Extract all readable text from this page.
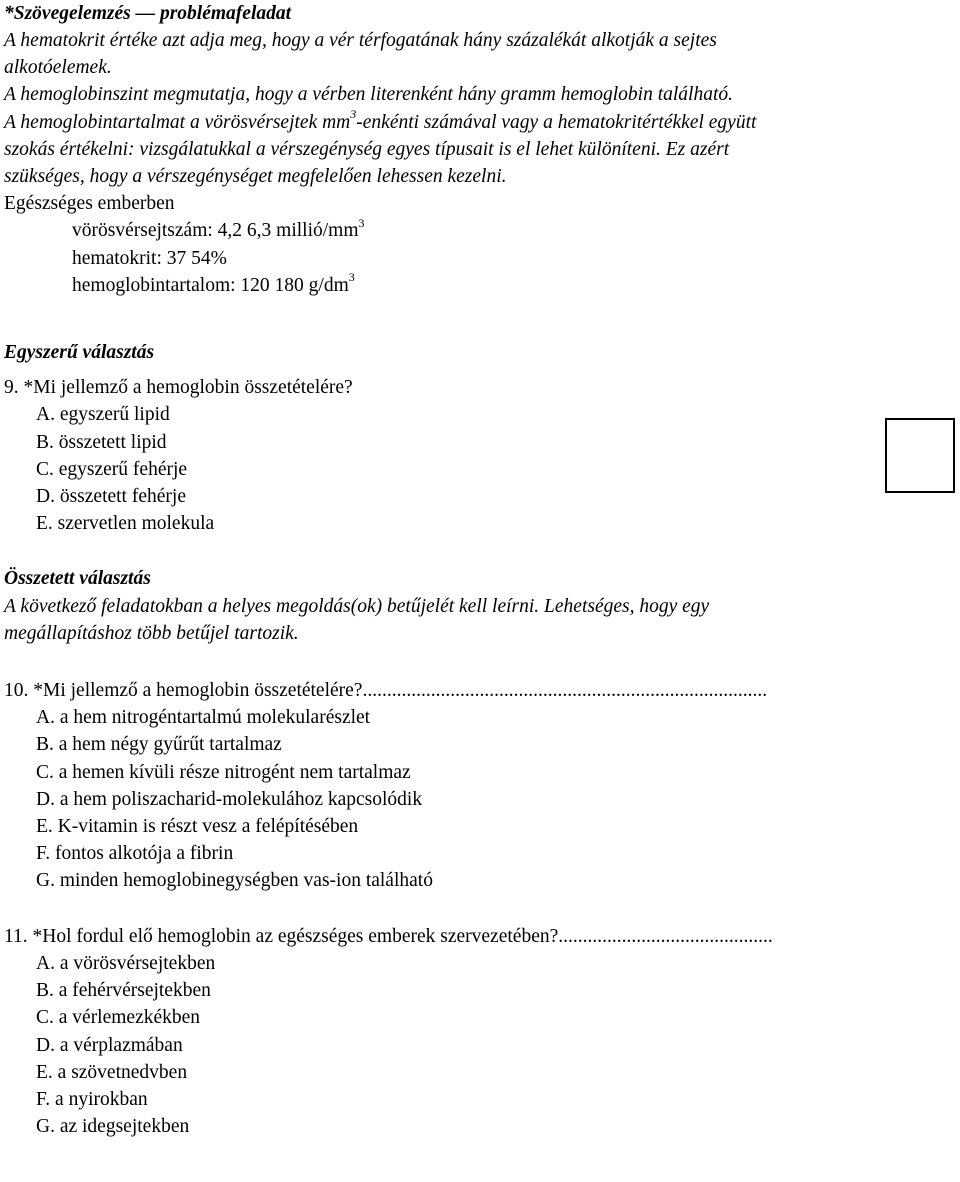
*Szövegelemzés — problémafeladat
A hematokrit értéke azt adja meg, hogy a vér térfogatának hány százalékát alkotják a sejtes
alkotóelemek.
A hemoglobinszint megmutatja, hogy a vérben literenként hány gramm hemoglobin található.
A hemoglobintartalmat a vörösvérsejtek $mm^3$-enkénti számával vagy a hematokritértékkel együtt
szokás értékelni: vizsgálatukkal a vérszegénység egyes típusait is el lehet különíteni. Ez azért
szükséges, hogy a vérszegénységet megfelelően lehessen kezelni.
Egészséges emberben
vörösvérsejtszám: 4,2 6,3 millió/$mm^3$
hematokrit: 37 54%
hemoglobintartalom: 120 180 $g/dm^3$
Egyszerű választás
9. *Mi jellemző a hemoglobin összetételére?
A. egyszerű lipid
B. összetett lipid
C. egyszerű fehérje
D. összetett fehérje
E. szervetlen molekula
Összetett választás
A következő feladatokban a helyes megoldás(ok) betűjelét kell leírni. Lehetséges, hogy egy
megállapításhoz több betűjel tartozik.
10. *Mi jellemző a hemoglobin összetételére?...................................................................................
A. a hem nitrogéntartalmú molekularészlet
B. a hem négy gyűrűt tartalmaz
C. a hemen kívüli része nitrogént nem tartalmaz
D. a hem poliszacharid-molekulához kapcsolódik
E. K-vitamin is részt vesz a felépítésében
F. fontos alkotója a fibrin
G. minden hemoglobinegységben vas-ion található
11. *Hol fordul elő hemoglobin az egészséges emberek szervezetében?............................................
A. a vörösvérsejtekben
B. a fehérvérsejtekben
C. a vérlemezkékben
D. a vérplazmában
E. a szövetnedvben
F. a nyirokban
G. az idegsejtekben
